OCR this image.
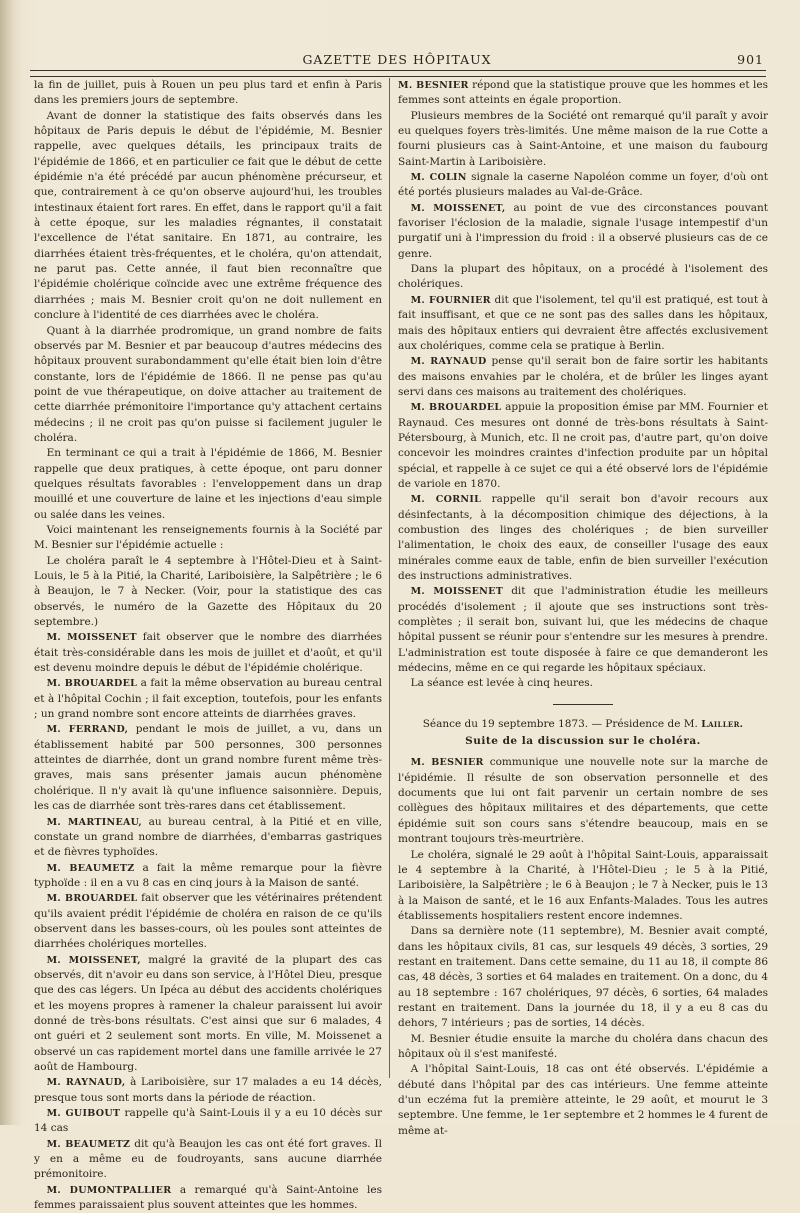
GAZETTE DES HÔPITAUX	901

la fin de juillet, puis à Rouen un peu plus tard et enfin à Paris dans les premiers jours de septembre.

Avant de donner la statistique des faits observés dans les hôpitaux de Paris depuis le début de l'épidémie, M. Besnier rappelle, avec quelques détails, les principaux traits de l'épidémie de 1866, et en particulier ce fait que le début de cette épidémie n'a été précédé par aucun phénomène précurseur, et que, contrairement à ce qu'on observe aujourd'hui, les troubles intestinaux étaient fort rares. En effet, dans le rapport qu'il a fait à cette époque, sur les maladies régnantes, il constatait l'excellence de l'état sanitaire. En 1871, au contraire, les diarrhées étaient très-fréquentes, et le choléra, qu'on attendait, ne parut pas. Cette année, il faut bien reconnaître que l'épidémie cholérique coïncide avec une extrême fréquence des diarrhées ; mais M. Besnier croit qu'on ne doit nullement en conclure à l'identité de ces diarrhées avec le choléra.

Quant à la diarrhée prodromique, un grand nombre de faits observés par M. Besnier et par beaucoup d'autres médecins des hôpitaux prouvent surabondamment qu'elle était bien loin d'être constante, lors de l'épidémie de 1866. Il ne pense pas qu'au point de vue thérapeutique, on doive attacher au traitement de cette diarrhée prémonitoire l'importance qu'y attachent certains médecins ; il ne croit pas qu'on puisse si facilement juguler le choléra.

En terminant ce qui a trait à l'épidémie de 1866, M. Besnier rappelle que deux pratiques, à cette époque, ont paru donner quelques résultats favorables : l'enveloppement dans un drap mouillé et une couverture de laine et les injections d'eau simple ou salée dans les veines.

Voici maintenant les renseignements fournis à la Société par M. Besnier sur l'épidémie actuelle :

Le choléra paraît le 4 septembre à l'Hôtel-Dieu et à Saint-Louis, le 5 à la Pitié, la Charité, Lariboisière, la Salpêtrière ; le 6 à Beaujon, le 7 à Necker. (Voir, pour la statistique des cas observés, le numéro de la Gazette des Hôpitaux du 20 septembre.)

M. MOISSENET fait observer que le nombre des diarrhées était très-considérable dans les mois de juillet et d'août, et qu'il est devenu moindre depuis le début de l'épidémie cholérique.

M. BROUARDEL a fait la même observation au bureau central et à l'hôpital Cochin ; il fait exception, toutefois, pour les enfants ; un grand nombre sont encore atteints de diarrhées graves.

M. FERRAND, pendant le mois de juillet, a vu, dans un établissement habité par 500 personnes, 300 personnes atteintes de diarrhée, dont un grand nombre furent même très-graves, mais sans présenter jamais aucun phénomène cholérique. Il n'y avait là qu'une influence saisonnière. Depuis, les cas de diarrhée sont très-rares dans cet établissement.

M. MARTINEAU, au bureau central, à la Pitié et en ville, constate un grand nombre de diarrhées, d'embarras gastriques et de fièvres typhoïdes.

M. BEAUMETZ a fait la même remarque pour la fièvre typhoïde : il en a vu 8 cas en cinq jours à la Maison de santé.

M. BROUARDEL fait observer que les vétérinaires prétendent qu'ils avaient prédit l'épidémie de choléra en raison de ce qu'ils observent dans les basses-cours, où les poules sont atteintes de diarrhées cholériques mortelles.

M. MOISSENET, malgré la gravité de la plupart des cas observés, dit n'avoir eu dans son service, à l'Hôtel Dieu, presque que des cas légers. Un Ipéca au début des accidents cholériques et les moyens propres à ramener la chaleur paraissent lui avoir donné de très-bons résultats. C'est ainsi que sur 6 malades, 4 ont guéri et 2 seulement sont morts. En ville, M. Moissenet a observé un cas rapidement mortel dans une famille arrivée le 27 août de Hambourg.

M. RAYNAUD, à Lariboisière, sur 17 malades a eu 14 décès, presque tous sont morts dans la période de réaction.

M. GUIBOUT rappelle qu'à Saint-Louis il y a eu 10 décès sur 14 cas

M. BEAUMETZ dit qu'à Beaujon les cas ont été fort graves. Il y en a même eu de foudroyants, sans aucune diarrhée prémonitoire.

M. DUMONTPALLIER a remarqué qu'à Saint-Antoine les femmes paraissaient plus souvent atteintes que les hommes.

M. BESNIER répond que la statistique prouve que les hommes et les femmes sont atteints en égale proportion.

Plusieurs membres de la Société ont remarqué qu'il paraît y avoir eu quelques foyers très-limités. Une même maison de la rue Cotte a fourni plusieurs cas à Saint-Antoine, et une maison du faubourg Saint-Martin à Lariboisière.

M. COLIN signale la caserne Napoléon comme un foyer, d'où ont été portés plusieurs malades au Val-de-Grâce.

M. MOISSENET, au point de vue des circonstances pouvant favoriser l'éclosion de la maladie, signale l'usage intempestif d'un purgatif uni à l'impression du froid : il a observé plusieurs cas de ce genre.

Dans la plupart des hôpitaux, on a procédé à l'isolement des cholériques.

M. FOURNIER dit que l'isolement, tel qu'il est pratiqué, est tout à fait insuffisant, et que ce ne sont pas des salles dans les hôpitaux, mais des hôpitaux entiers qui devraient être affectés exclusivement aux cholériques, comme cela se pratique à Berlin.

M. RAYNAUD pense qu'il serait bon de faire sortir les habitants des maisons envahies par le choléra, et de brûler les linges ayant servi dans ces maisons au traitement des cholériques.

M. BROUARDEL appuie la proposition émise par MM. Fournier et Raynaud. Ces mesures ont donné de très-bons résultats à Saint-Pétersbourg, à Munich, etc. Il ne croit pas, d'autre part, qu'on doive concevoir les moindres craintes d'infection produite par un hôpital spécial, et rappelle à ce sujet ce qui a été observé lors de l'épidémie de variole en 1870.

M. CORNIL rappelle qu'il serait bon d'avoir recours aux désinfectants, à la décomposition chimique des déjections, à la combustion des linges des cholériques ; de bien surveiller l'alimentation, le choix des eaux, de conseiller l'usage des eaux minérales comme eaux de table, enfin de bien surveiller l'exécution des instructions administratives.

M. MOISSENET dit que l'administration étudie les meilleurs procédés d'isolement ; il ajoute que ses instructions sont très-complètes ; il serait bon, suivant lui, que les médecins de chaque hôpital pussent se réunir pour s'entendre sur les mesures à prendre. L'administration est toute disposée à faire ce que demanderont les médecins, même en ce qui regarde les hôpitaux spéciaux.

La séance est levée à cinq heures.

Séance du 19 septembre 1873. — Présidence de M. Lailler.

Suite de la discussion sur le choléra.

M. BESNIER communique une nouvelle note sur la marche de l'épidémie. Il résulte de son observation personnelle et des documents que lui ont fait parvenir un certain nombre de ses collègues des hôpitaux militaires et des départements, que cette épidémie suit son cours sans s'étendre beaucoup, mais en se montrant toujours très-meurtrière.

Le choléra, signalé le 29 août à l'hôpital Saint-Louis, apparaissait le 4 septembre à la Charité, à l'Hôtel-Dieu ; le 5 à la Pitié, Lariboisière, la Salpêtrière ; le 6 à Beaujon ; le 7 à Necker, puis le 13 à la Maison de santé, et le 16 aux Enfants-Malades. Tous les autres établissements hospitaliers restent encore indemnes.

Dans sa dernière note (11 septembre), M. Besnier avait compté, dans les hôpitaux civils, 81 cas, sur lesquels 49 décès, 3 sorties, 29 restant en traitement. Dans cette semaine, du 11 au 18, il compte 86 cas, 48 décès, 3 sorties et 64 malades en traitement. On a donc, du 4 au 18 septembre : 167 cholériques, 97 décès, 6 sorties, 64 malades restant en traitement. Dans la journée du 18, il y a eu 8 cas du dehors, 7 intérieurs ; pas de sorties, 14 décès.

M. Besnier étudie ensuite la marche du choléra dans chacun des hôpitaux où il s'est manifesté.

A l'hôpital Saint-Louis, 18 cas ont été observés. L'épidémie a débuté dans l'hôpital par des cas intérieurs. Une femme atteinte d'un eczéma fut la première atteinte, le 29 août, et mourut le 3 septembre. Une femme, le 1er septembre et 2 hommes le 4 furent de même at-
